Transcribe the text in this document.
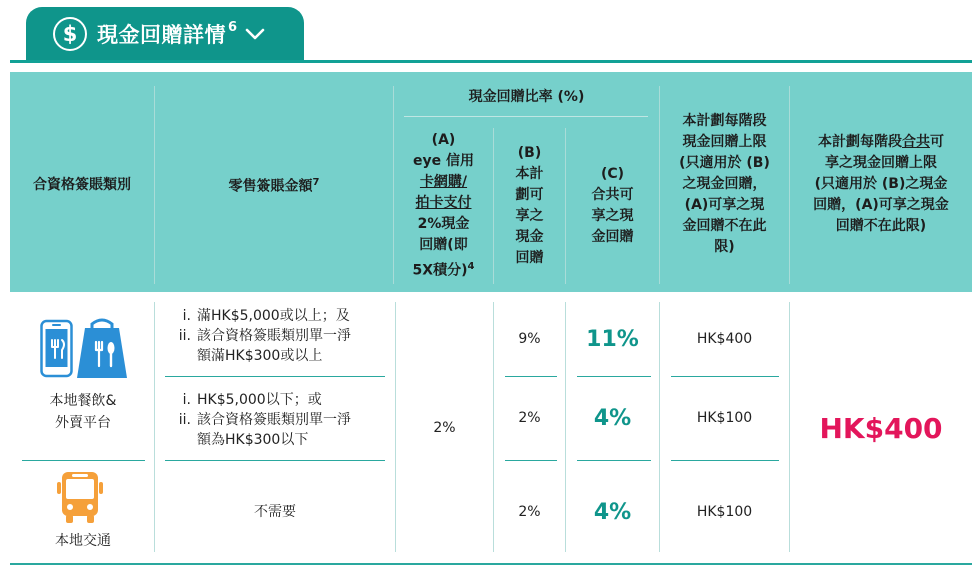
$ 現金回贈詳情 $^6$
合資格簽賬類別	零售簽賬金額$^7$
現金回贈比率 (%)
(A)
eye 信用
卡網購/
拍卡支付
2%現金
回贈(即
5X積分)$^4$
(B)
本計
劃可
享之
現金
回贈
(C)
合共可
享之現
金回贈
本計劃每階段
現金回贈上限
(只適用於 (B)
之現金回贈，
(A)可享之現
金回贈不在此
限)
本計劃每階段合共可
享之現金回贈上限
(只適用於 (B)之現金
回贈，(A)可享之現金
回贈不在此限)
本地餐飲&
外賣平台
本地交通
i. 滿HK$5,000或以上；及
ii. 該合資格簽賬類別單一淨
額滿HK$300或以上
i. HK$5,000以下；或
ii. 該合資格簽賬類別單一淨
額為HK$300以下
不需要
2%
9%
2%
2%
11%
4%
4%
HK$400
HK$100
HK$100
HK$400
